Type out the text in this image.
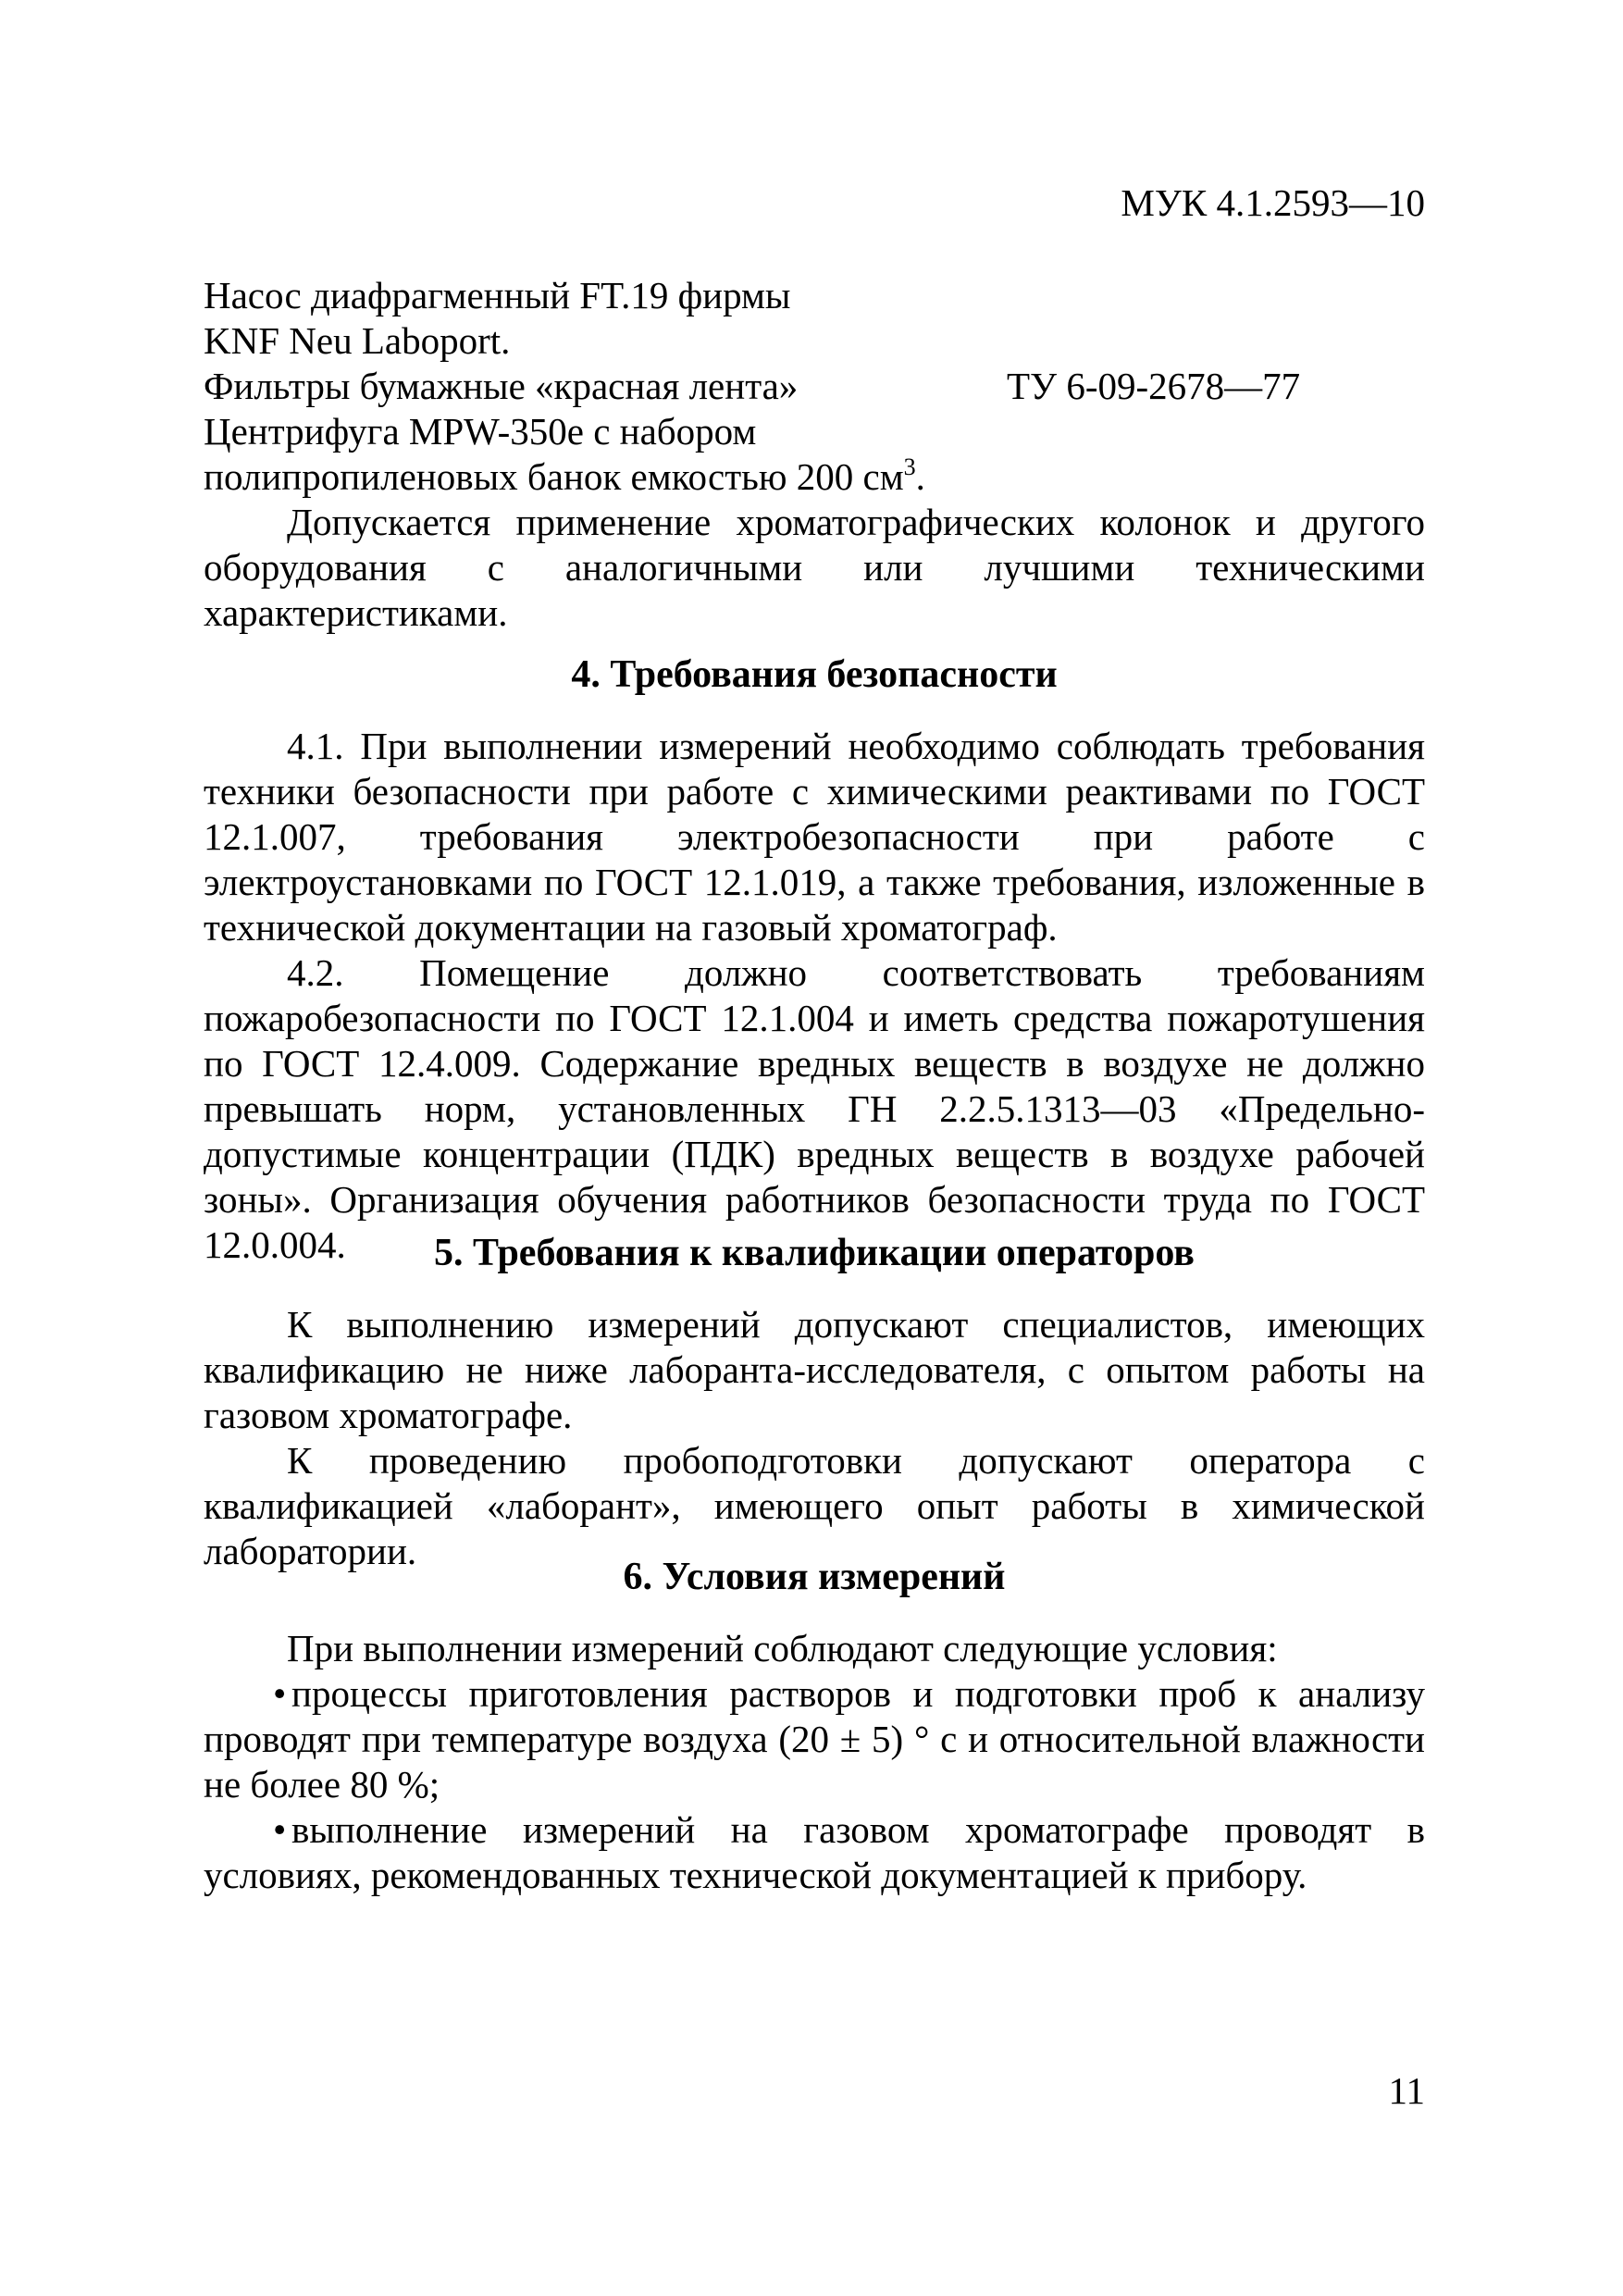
МУК 4.1.2593—10
Насос диафрагменный FT.19 фирмы KNF Neu Laboport.
Фильтры бумажные «красная лента»	ТУ 6-09-2678—77
Центрифуга MPW-350e с набором полипропиленовых банок емкостью 200 $см^3$.

Допускается применение хроматографических колонок и другого оборудования с аналогичными или лучшими техническими характеристиками.

4. Требования безопасности

4.1. При выполнении измерений необходимо соблюдать требования техники безопасности при работе с химическими реактивами по ГОСТ 12.1.007, требования электробезопасности при работе с электроустановками по ГОСТ 12.1.019, а также требования, изложенные в технической документации на газовый хроматограф.

4.2. Помещение должно соответствовать требованиям пожаробезопасности по ГОСТ 12.1.004 и иметь средства пожаротушения по ГОСТ 12.4.009. Содержание вредных веществ в воздухе не должно превышать норм, установленных ГН 2.2.5.1313—03 «Предельно-допустимые концентрации (ПДК) вредных веществ в воздухе рабочей зоны». Организация обучения работников безопасности труда по ГОСТ 12.0.004.	5. Требования к квалификации операторов

К выполнению измерений допускают специалистов, имеющих квалификацию не ниже лаборанта-исследователя, с опытом работы на газовом хроматографе.

К проведению пробоподготовки допускают оператора с квалификацией «лаборант», имеющего опыт работы в химической лаборатории.

6. Условия измерений

При выполнении измерений соблюдают следующие условия:

• процессы приготовления растворов и подготовки проб к анализу проводят при температуре воздуха (20 ± 5) ° с и относительной влажности не более 80 %;

• выполнение измерений на газовом хроматографе проводят в условиях, рекомендованных технической документацией к прибору.

11
